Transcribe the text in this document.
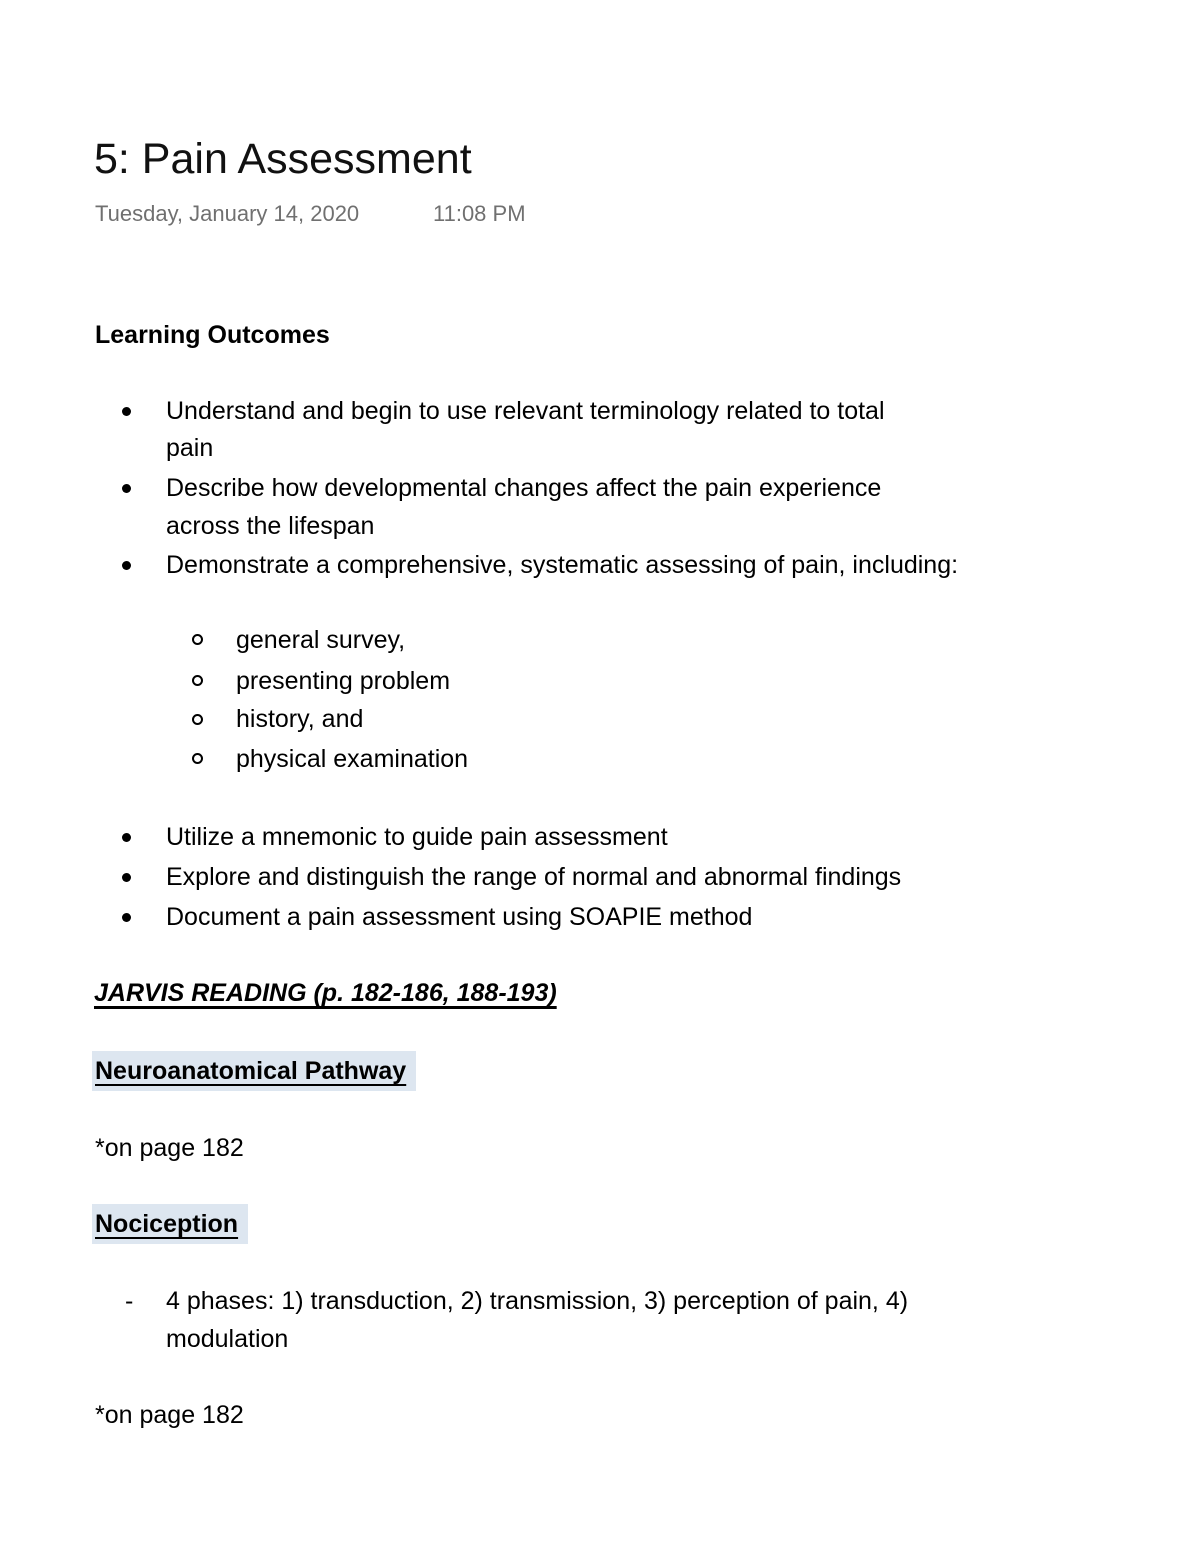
5: Pain Assessment
Tuesday, January 14, 2020	11:08 PM
Learning Outcomes
Understand and begin to use relevant terminology related to total
pain
Describe how developmental changes affect the pain experience
across the lifespan
Demonstrate a comprehensive, systematic assessing of pain, including:
general survey,
presenting problem
history, and
physical examination
Utilize a mnemonic to guide pain assessment
Explore and distinguish the range of normal and abnormal findings
Document a pain assessment using SOAPIE method
JARVIS READING (p. 182-186, 188-193)
Neuroanatomical Pathway
*on page 182
Nociception
- 4 phases: 1) transduction, 2) transmission, 3) perception of pain, 4)
modulation
*on page 182
